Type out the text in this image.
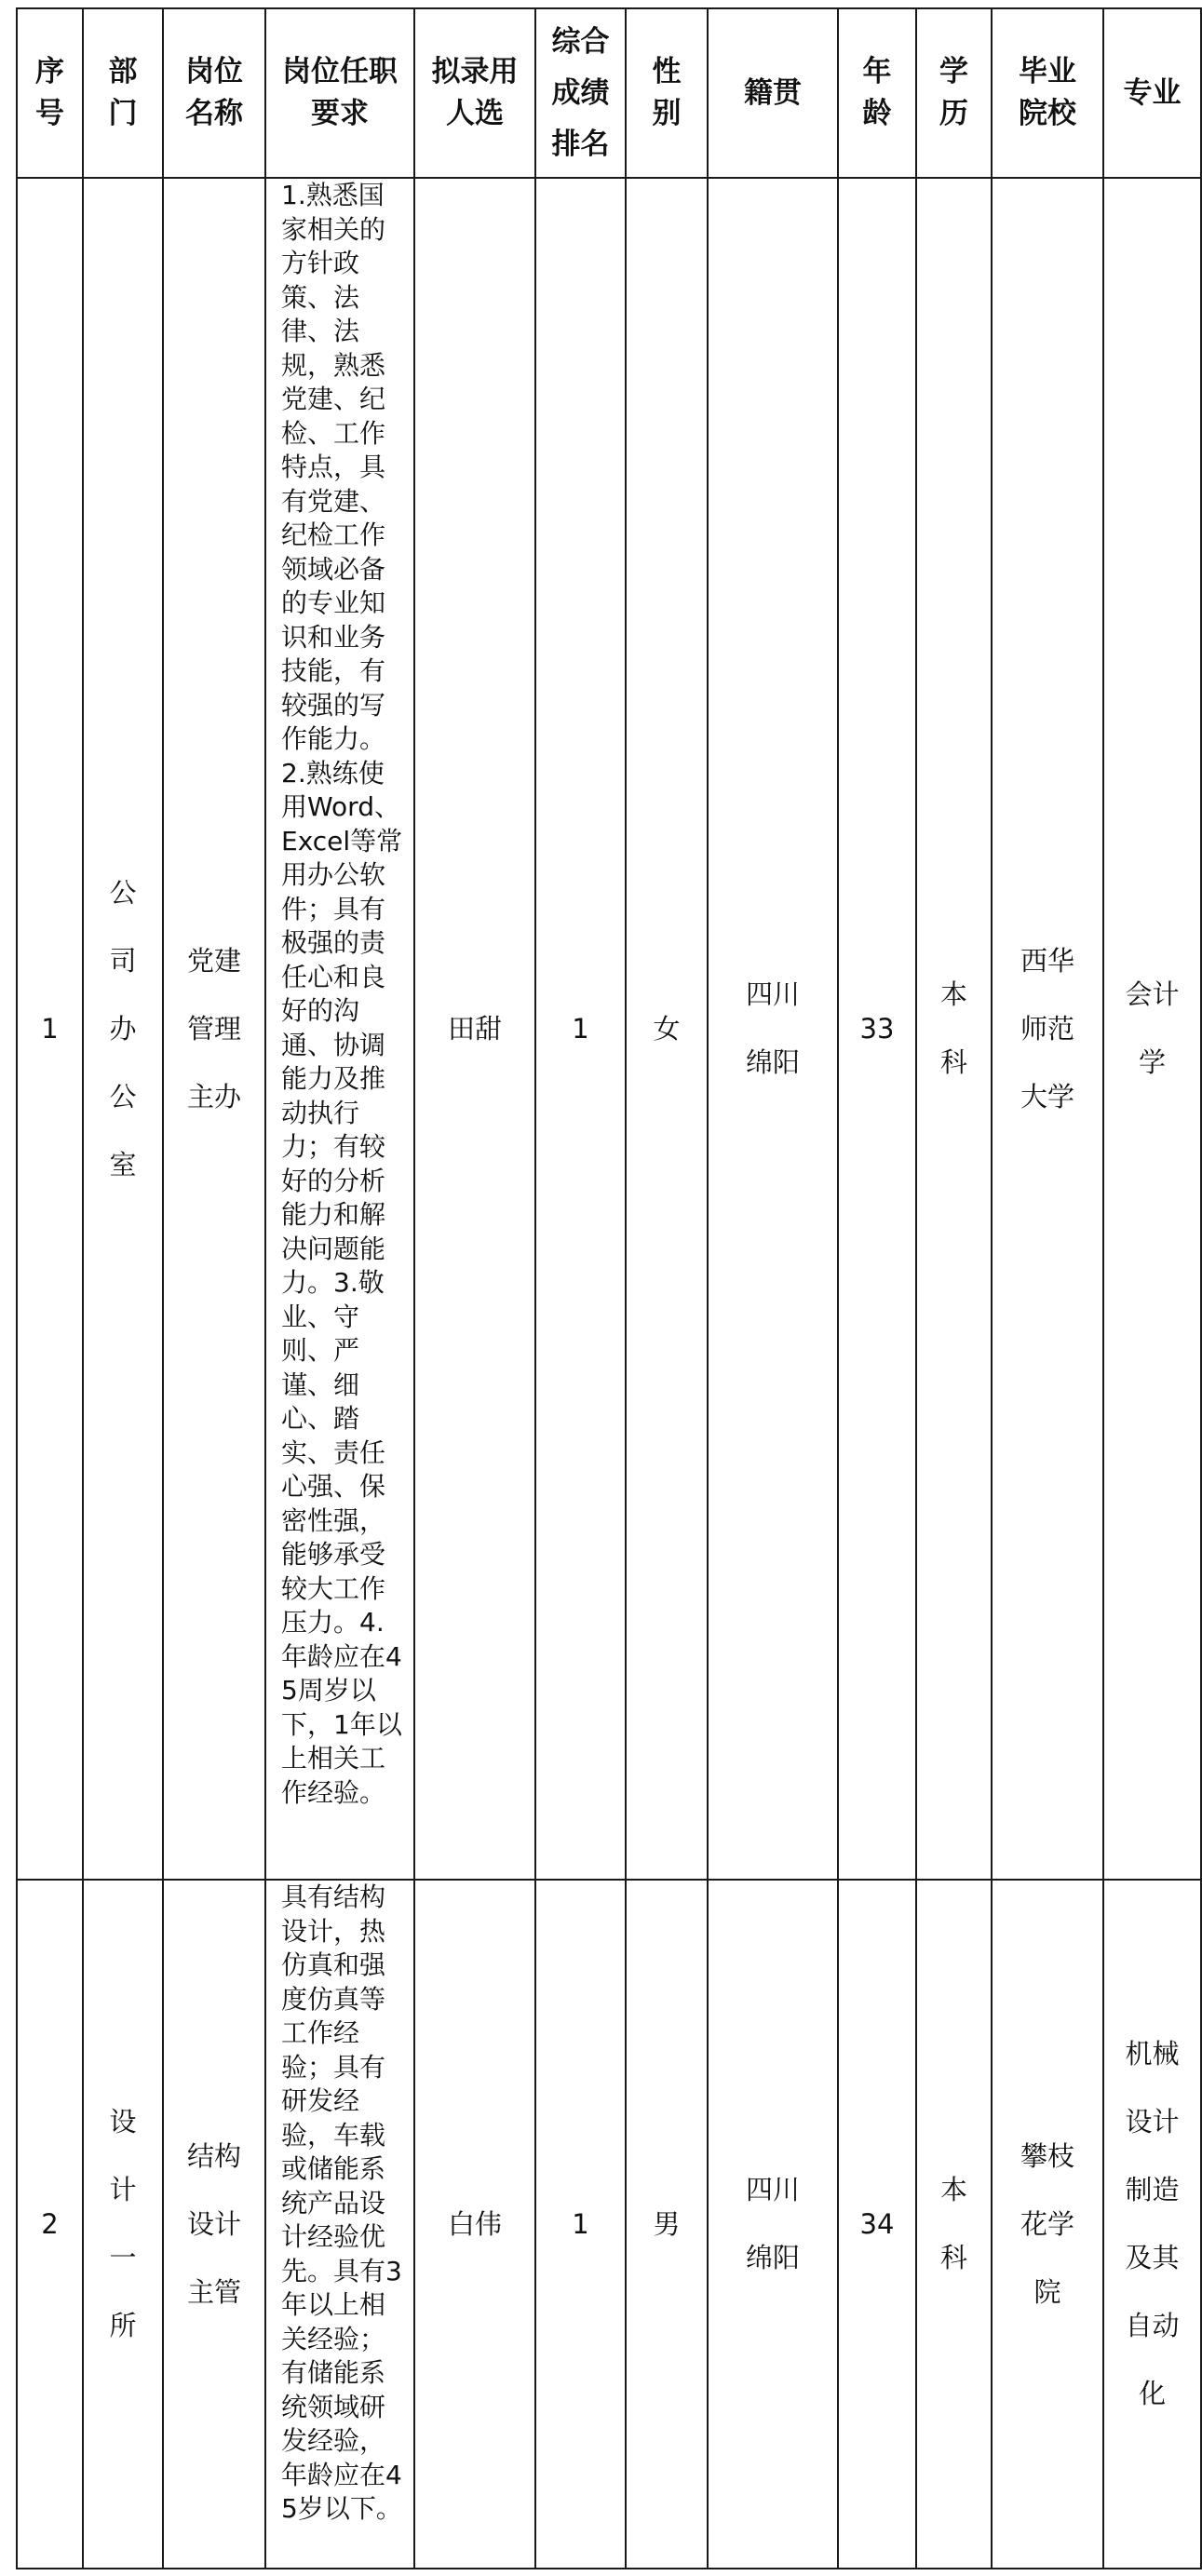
序号	部门	岗位名称	岗位任职要求	拟录用人选	综合成绩排名	性别	籍贯	年龄	学历	毕业院校	专业
1	公司办公室	党建管理主办	1.熟悉国家相关的方针政策、法律、法规，熟悉党建、纪检、工作特点，具有党建、纪检工作领域必备的专业知识和业务技能，有较强的写作能力。2.熟练使用Word、Excel等常用办公软件；具有极强的责任心和良好的沟通、协调能力及推动执行力；有较好的分析能力和解决问题能力。3.敬业、守则、严谨、细心、踏实、责任心强、保密性强，能够承受较大工作压力。4.年龄应在45周岁以下，1年以上相关工作经验。	田甜	1	女	四川绵阳	33	本科	西华师范大学	会计学
2	设计一所	结构设计主管	具有结构设计，热仿真和强度仿真等工作经验；具有研发经验，车载或储能系统产品设计经验优先。具有3年以上相关经验；有储能系统领域研发经验，年龄应在45岁以下。	白伟	1	男	四川绵阳	34	本科	攀枝花学院	机械设计制造及其自动化
